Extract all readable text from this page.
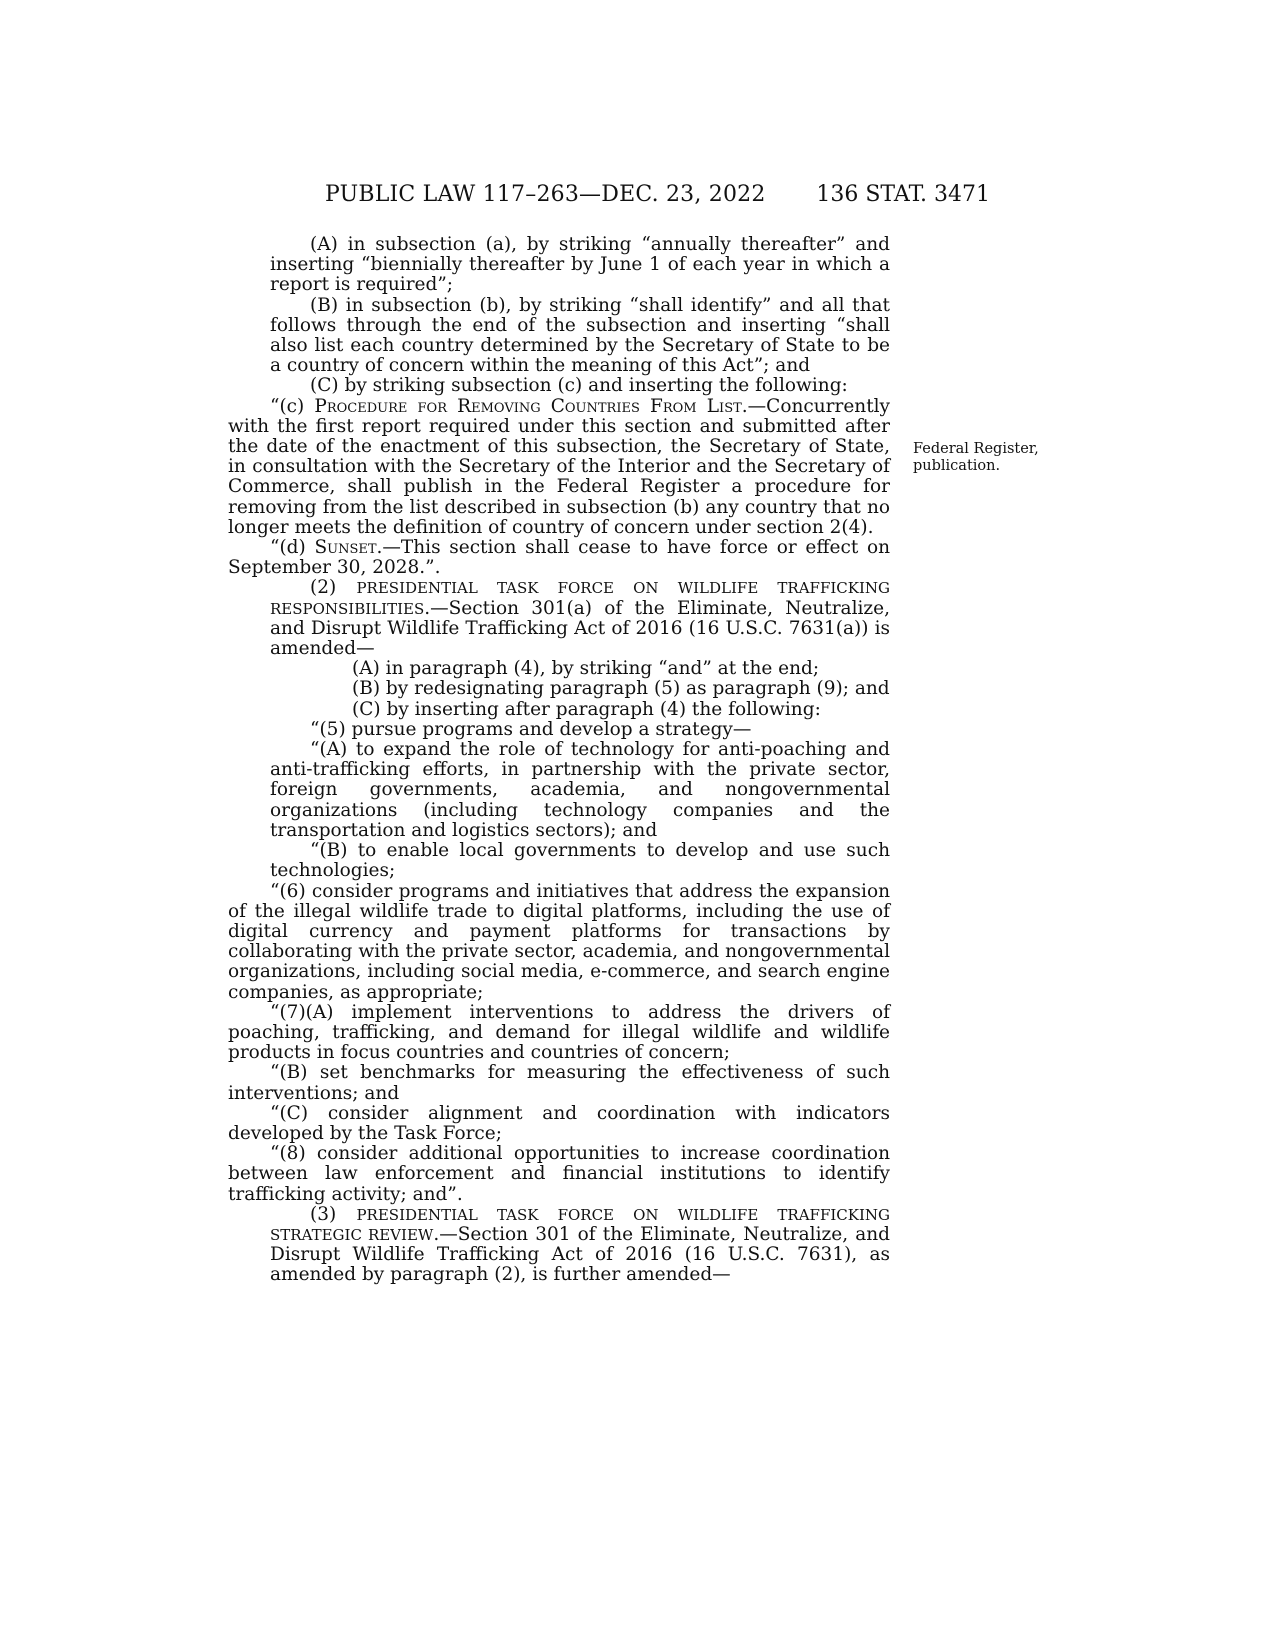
PUBLIC LAW 117–263—DEC. 23, 2022 136 STAT. 3471
Federal Register,
publication.

(A) in subsection (a), by striking “annually thereafter” and inserting “biennially thereafter by June 1 of each year in which a report is required”;

(B) in subsection (b), by striking “shall identify” and all that follows through the end of the subsection and inserting “shall also list each country determined by the Secretary of State to be a country of concern within the meaning of this Act”; and

(C) by striking subsection (c) and inserting the following:

“(c) Procedure for Removing Countries From List.—Concurrently with the first report required under this section and submitted after the date of the enactment of this subsection, the Secretary of State, in consultation with the Secretary of the Interior and the Secretary of Commerce, shall publish in the Federal Register a procedure for removing from the list described in subsection (b) any country that no longer meets the definition of country of concern under section 2(4).

“(d) Sunset.—This section shall cease to have force or effect on September 30, 2028.”.

(2) PRESIDENTIAL TASK FORCE ON WILDLIFE TRAFFICKING RESPONSIBILITIES.—Section 301(a) of the Eliminate, Neutralize, and Disrupt Wildlife Trafficking Act of 2016 (16 U.S.C. 7631(a)) is amended—

(A) in paragraph (4), by striking “and” at the end;

(B) by redesignating paragraph (5) as paragraph (9); and

(C) by inserting after paragraph (4) the following:

“(5) pursue programs and develop a strategy—

“(A) to expand the role of technology for anti-poaching and anti-trafficking efforts, in partnership with the private sector, foreign governments, academia, and nongovernmental organizations (including technology companies and the transportation and logistics sectors); and

“(B) to enable local governments to develop and use such technologies;

“(6) consider programs and initiatives that address the expansion of the illegal wildlife trade to digital platforms, including the use of digital currency and payment platforms for transactions by collaborating with the private sector, academia, and nongovernmental organizations, including social media, e-commerce, and search engine companies, as appropriate;

“(7)(A) implement interventions to address the drivers of poaching, trafficking, and demand for illegal wildlife and wildlife products in focus countries and countries of concern;

“(B) set benchmarks for measuring the effectiveness of such interventions; and

“(C) consider alignment and coordination with indicators developed by the Task Force;

“(8) consider additional opportunities to increase coordination between law enforcement and financial institutions to identify trafficking activity; and”.

(3) PRESIDENTIAL TASK FORCE ON WILDLIFE TRAFFICKING STRATEGIC REVIEW.—Section 301 of the Eliminate, Neutralize, and Disrupt Wildlife Trafficking Act of 2016 (16 U.S.C. 7631), as amended by paragraph (2), is further amended—
